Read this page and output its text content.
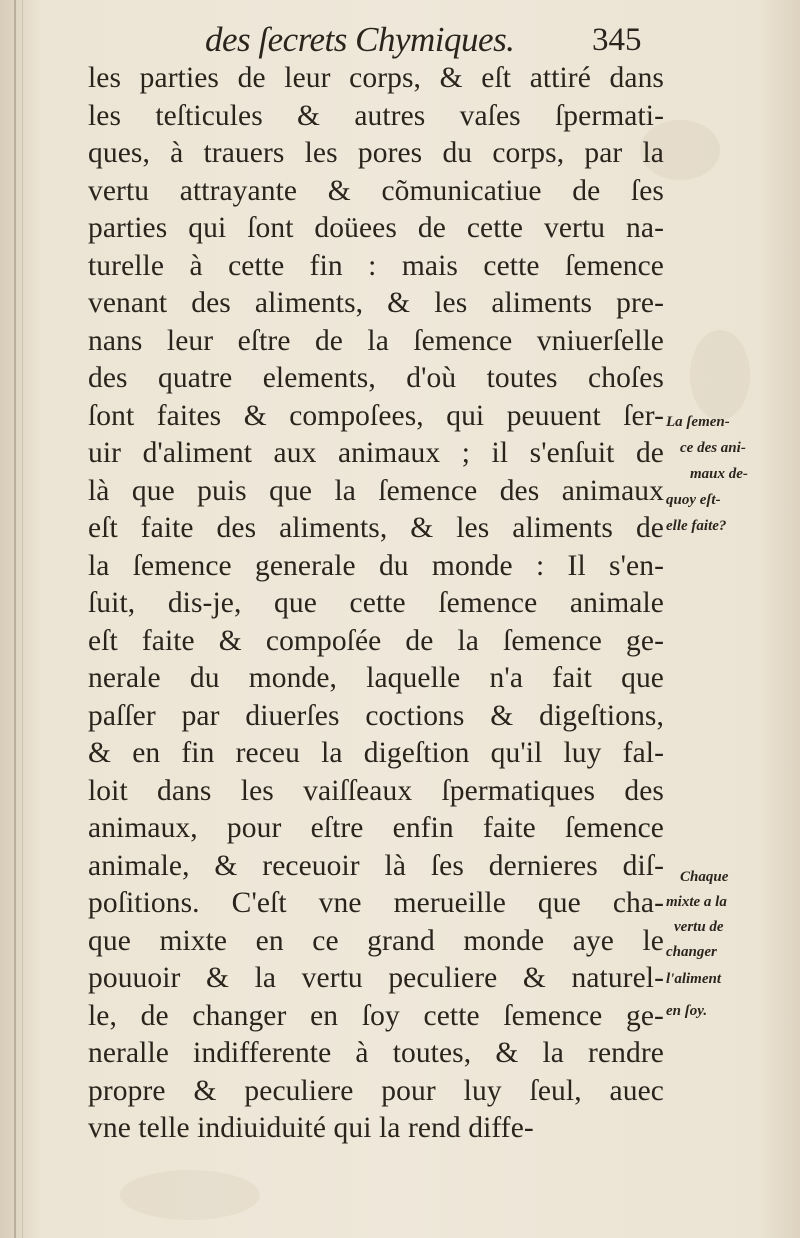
des ſecrets Chymiques. 345
les parties de leur corps, & eſt attiré dans
les teſticules & autres vaſes ſpermati-
ques, à trauers les pores du corps, par la
vertu attrayante & cõmunicatiue de ſes
parties qui ſont doüees de cette vertu na-
turelle à cette fin : mais cette ſemence
venant des aliments, & les aliments pre-
nans leur eſtre de la ſemence vniuerſelle
des quatre elements, d'où toutes choſes
ſont faites & compoſees, qui peuuent ſer-
uir d'aliment aux animaux ; il s'enſuit de
là que puis que la ſemence des animaux
eſt faite des aliments, & les aliments de
la ſemence generale du monde : Il s'en-
ſuit, dis-je, que cette ſemence animale
eſt faite & compoſée de la ſemence ge-
nerale du monde, laquelle n'a fait que
paſſer par diuerſes coctions & digeſtions,
& en fin receu la digeſtion qu'il luy fal-
loit dans les vaiſſeaux ſpermatiques des
animaux, pour eſtre enfin faite ſemence
animale, & receuoir là ſes dernieres diſ-
poſitions. C'eſt vne merueille que cha-
que mixte en ce grand monde aye le
pouuoir & la vertu peculiere & naturel-
le, de changer en ſoy cette ſemence ge-
neralle indifferente à toutes, & la rendre
propre & peculiere pour luy ſeul, auec
vne telle indiuiduité qui la rend diffe-
La ſemen-
ce des ani-
maux de-
quoy eſt-
elle faite?
Chaque
mixte a la
vertu de
changer
l'aliment
en ſoy.
